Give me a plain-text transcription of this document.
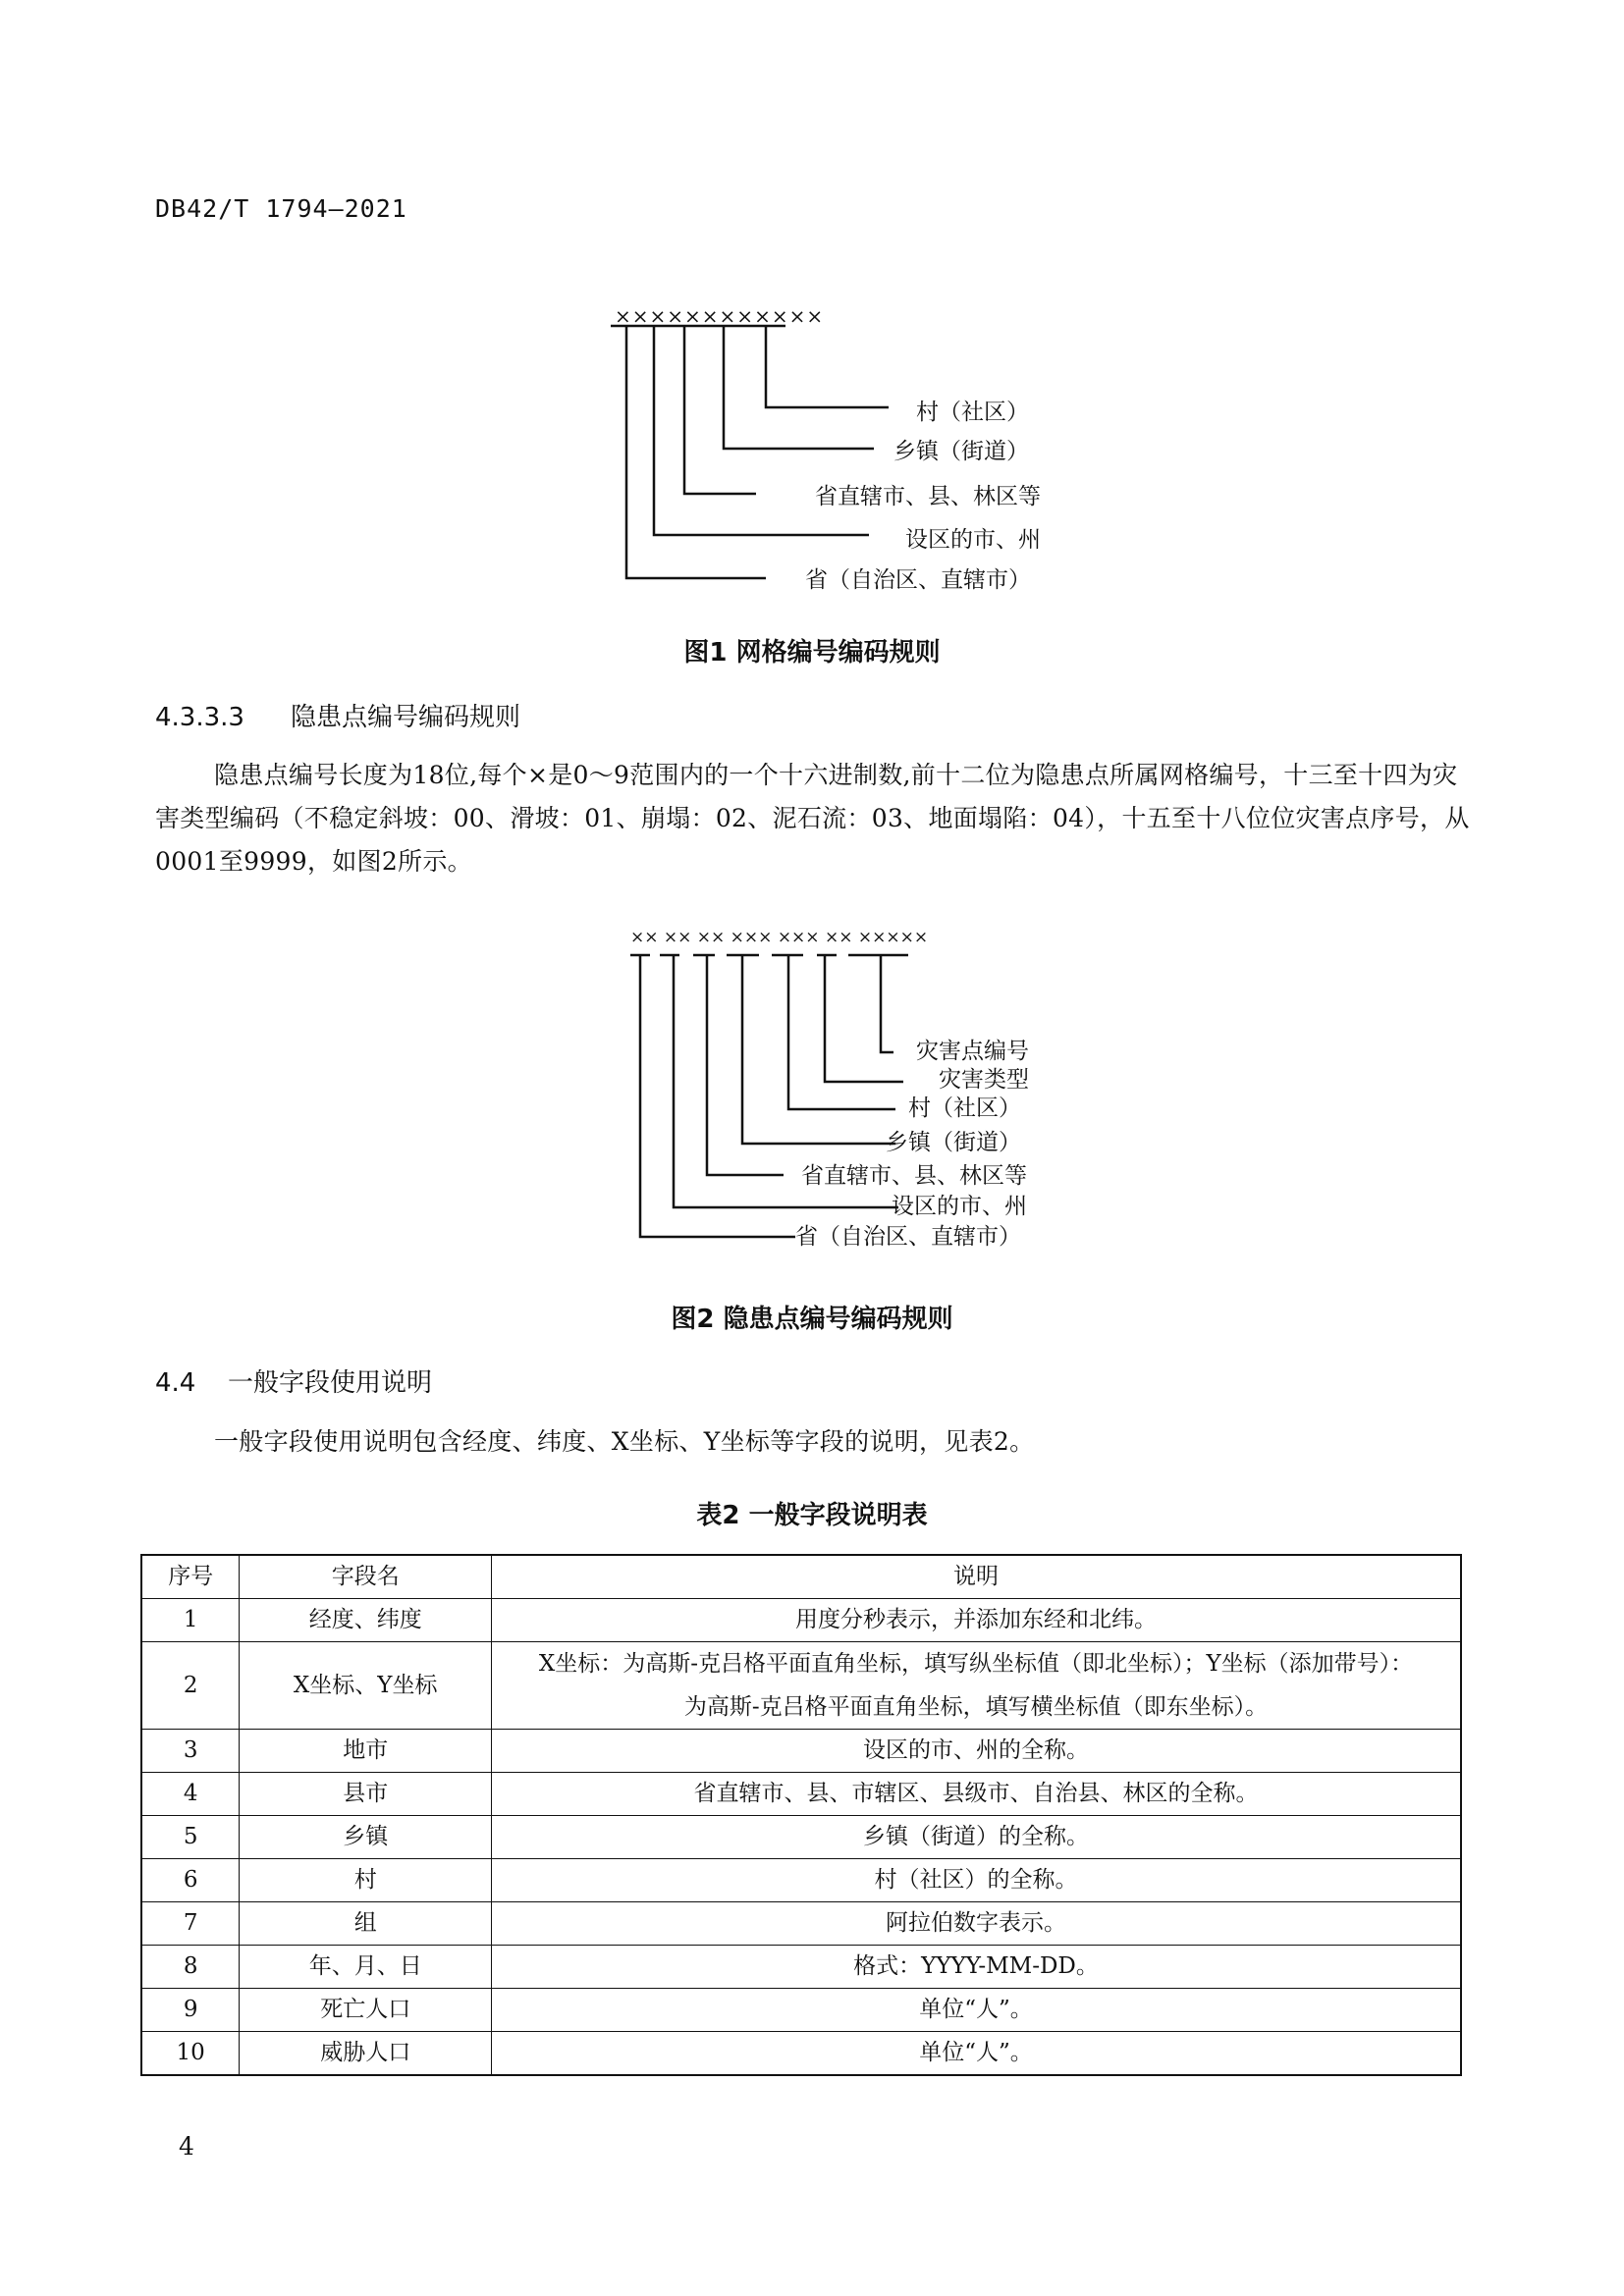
DB42/T 1794—2021
××××××××××××
村（社区）
乡镇（街道）
省直辖市、县、林区等
设区的市、州
省（自治区、直辖市）
图1 网格编号编码规则
4.3.3.3 隐患点编号编码规则
隐患点编号长度为18位,每个×是0～9范围内的一个十六进制数,前十二位为隐患点所属网格编号，十三至十四为灾害类型编码（不稳定斜坡：00、滑坡：01、崩塌：02、泥石流：03、地面塌陷：04），十五至十八位位灾害点序号，从0001至9999，如图2所示。
×× ×× ×× ××× ××× ×× ×××××
灾害点编号
灾害类型
村（社区）
乡镇（街道）
省直辖市、县、林区等
设区的市、州
省（自治区、直辖市）
图2 隐患点编号编码规则
4.4 一般字段使用说明
一般字段使用说明包含经度、纬度、X坐标、Y坐标等字段的说明，见表2。
表2 一般字段说明表
序号	字段名	说明
1	经度、纬度	用度分秒表示，并添加东经和北纬。
2	X坐标、Y坐标	X坐标：为高斯-克吕格平面直角坐标，填写纵坐标值（即北坐标）；Y坐标（添加带号）：
为高斯-克吕格平面直角坐标，填写横坐标值（即东坐标）。

3	地市	设区的市、州的全称。
4	县市	省直辖市、县、市辖区、县级市、自治县、林区的全称。
5	乡镇	乡镇（街道）的全称。
6	村	村（社区）的全称。
7	组	阿拉伯数字表示。
8	年、月、日	格式：YYYY-MM-DD。
9	死亡人口	单位“人”。
10	威胁人口	单位“人”。
4
